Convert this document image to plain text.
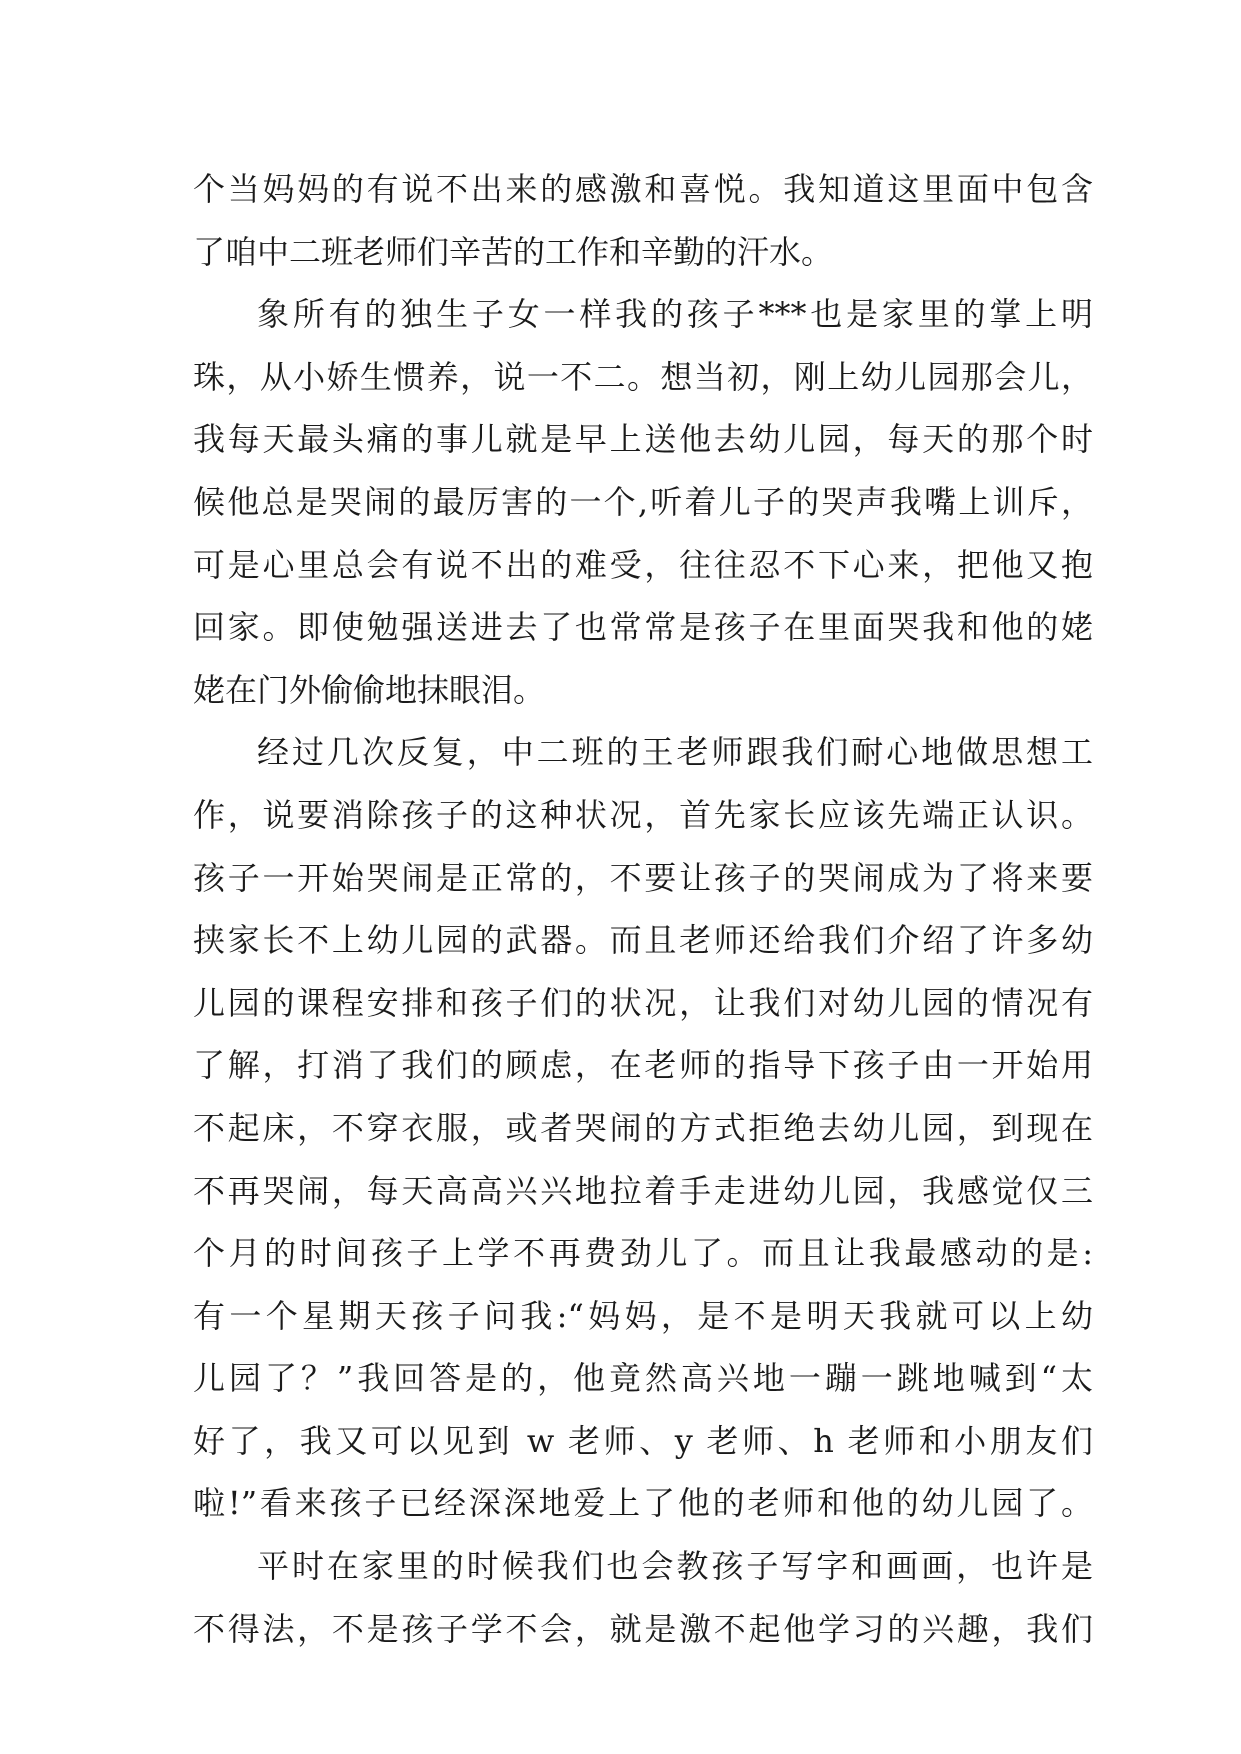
个当妈妈的有说不出来的感激和喜悦。我知道这里面中包含
了咱中二班老师们辛苦的工作和辛勤的汗水。
象所有的独生子女一样我的孩子***也是家里的掌上明
珠，从小娇生惯养，说一不二。想当初，刚上幼儿园那会儿，
我每天最头痛的事儿就是早上送他去幼儿园，每天的那个时
候他总是哭闹的最厉害的一个,听着儿子的哭声我嘴上训斥，
可是心里总会有说不出的难受，往往忍不下心来，把他又抱
回家。即使勉强送进去了也常常是孩子在里面哭我和他的姥
姥在门外偷偷地抹眼泪。
经过几次反复，中二班的王老师跟我们耐心地做思想工
作，说要消除孩子的这种状况，首先家长应该先端正认识。
孩子一开始哭闹是正常的，不要让孩子的哭闹成为了将来要
挟家长不上幼儿园的武器。而且老师还给我们介绍了许多幼
儿园的课程安排和孩子们的状况，让我们对幼儿园的情况有
了解，打消了我们的顾虑，在老师的指导下孩子由一开始用
不起床，不穿衣服，或者哭闹的方式拒绝去幼儿园，到现在
不再哭闹，每天高高兴兴地拉着手走进幼儿园，我感觉仅三
个月的时间孩子上学不再费劲儿了。而且让我最感动的是:
有一个星期天孩子问我:“妈妈，是不是明天我就可以上幼
儿园了？”我回答是的，他竟然高兴地一蹦一跳地喊到“太
好了，我又可以见到 w 老师、y 老师、h 老师和小朋友们
啦!”看来孩子已经深深地爱上了他的老师和他的幼儿园了。
平时在家里的时候我们也会教孩子写字和画画，也许是
不得法，不是孩子学不会，就是激不起他学习的兴趣，我们
